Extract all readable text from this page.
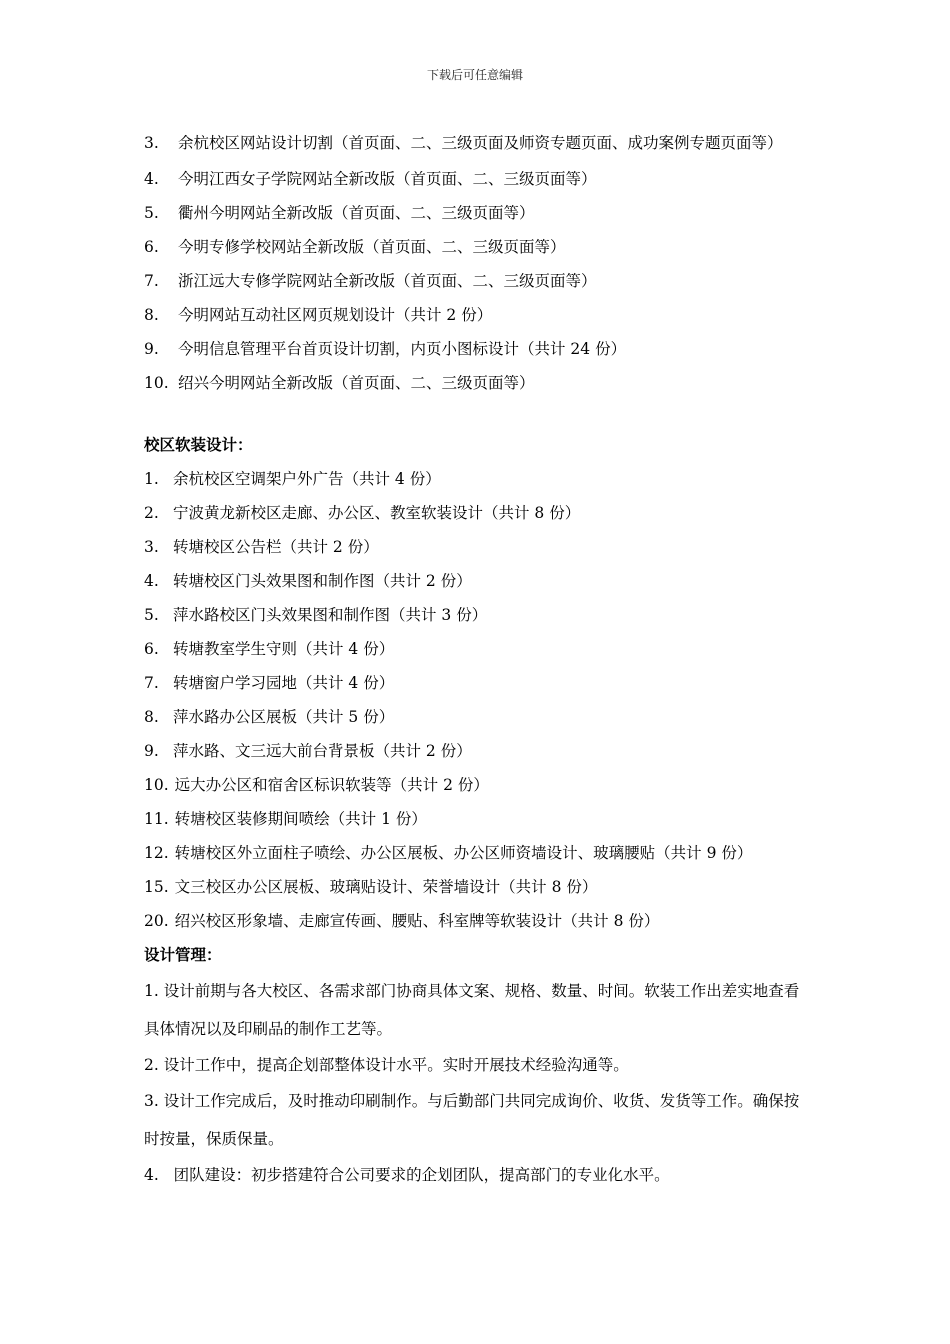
下载后可任意编辑
3. 余杭校区网站设计切割（首页面、二、三级页面及师资专题页面、成功案例专题页面等）
4. 今明江西女子学院网站全新改版（首页面、二、三级页面等）
5. 衢州今明网站全新改版（首页面、二、三级页面等）
6. 今明专修学校网站全新改版（首页面、二、三级页面等）
7. 浙江远大专修学院网站全新改版（首页面、二、三级页面等）
8. 今明网站互动社区网页规划设计（共计 2 份）
9. 今明信息管理平台首页设计切割，内页小图标设计（共计 24 份）
10. 绍兴今明网站全新改版（首页面、二、三级页面等）
校区软装设计：
1. 余杭校区空调架户外广告（共计 4 份）
2. 宁波黄龙新校区走廊、办公区、教室软装设计（共计 8 份）
3. 转塘校区公告栏（共计 2 份）
4. 转塘校区门头效果图和制作图（共计 2 份）
5. 萍水路校区门头效果图和制作图（共计 3 份）
6. 转塘教室学生守则（共计 4 份）
7. 转塘窗户学习园地（共计 4 份）
8. 萍水路办公区展板（共计 5 份）
9. 萍水路、文三远大前台背景板（共计 2 份）
10. 远大办公区和宿舍区标识软装等（共计 2 份）
11. 转塘校区装修期间喷绘（共计 1 份）
12. 转塘校区外立面柱子喷绘、办公区展板、办公区师资墙设计、玻璃腰贴（共计 9 份）
15. 文三校区办公区展板、玻璃贴设计、荣誉墙设计（共计 8 份）
20. 绍兴校区形象墙、走廊宣传画、腰贴、科室牌等软装设计（共计 8 份）
设计管理：
1. 设计前期与各大校区、各需求部门协商具体文案、规格、数量、时间。软装工作出差实地查看具体情况以及印刷品的制作工艺等。
2. 设计工作中，提高企划部整体设计水平。实时开展技术经验沟通等。
3. 设计工作完成后，及时推动印刷制作。与后勤部门共同完成询价、收货、发货等工作。确保按时按量，保质保量。
4.   团队建设：初步搭建符合公司要求的企划团队，提高部门的专业化水平。
